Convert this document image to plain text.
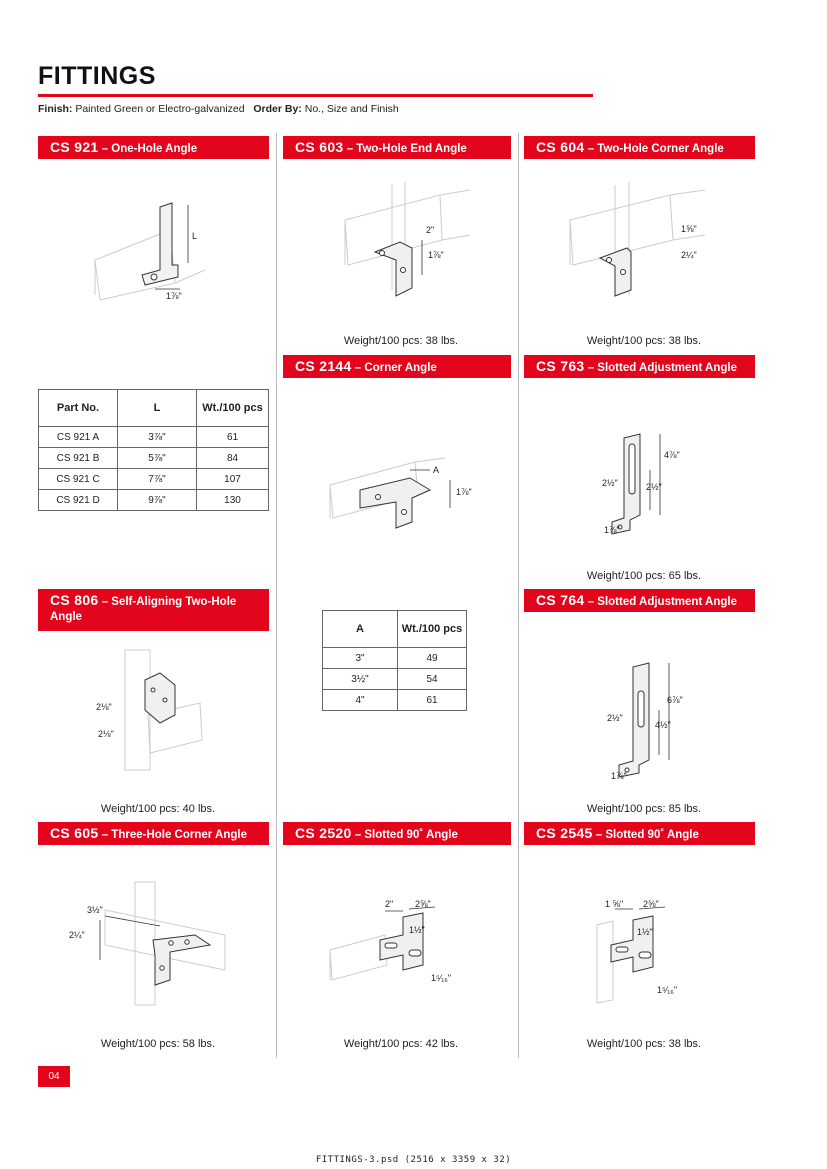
FITTINGS
Finish: Painted Green or Electro-galvanized Order By: No., Size and Finish
CS 921 – One-Hole Angle
L
1⅞"
Part No.	L	Wt./100 pcs
CS 921 A	3⅞"	61
CS 921 B	5⅞"	84
CS 921 C	7⅞"	107
CS 921 D	9⅞"	130
CS 603 – Two-Hole End Angle
2"
1⅞"
Weight/100 pcs: 38 lbs.
CS 604 – Two-Hole Corner Angle
1⅝"
2¼"
Weight/100 pcs: 38 lbs.
CS 2144 – Corner Angle
A
1⅞"
A	Wt./100 pcs
3"	49
3½"	54
4"	61
CS 763 – Slotted Adjustment Angle
4⅞"
2½"	2½"
1⅞"
Weight/100 pcs: 65 lbs.
CS 806 – Self-Aligning Two-Hole
Angle
2⅛"
2⅛"
Weight/100 pcs: 40 lbs.
CS 764 – Slotted Adjustment Angle
6⅞"
2½"
4½"
1⅞"
Weight/100 pcs: 85 lbs.
CS 605 – Three-Hole Corner Angle
3½"
2¼"
Weight/100 pcs: 58 lbs.
CS 2520 – Slotted 90˚ Angle
2" 2⅝"
1½"
1⁵⁄₁₆"
Weight/100 pcs: 42 lbs.
CS 2545 – Slotted 90˚ Angle
1 ⅝" 2⅝"
1½"
1⁵⁄₁₆"
Weight/100 pcs: 38 lbs.
04
FITTINGS-3.psd (2516 x 3359 x 32)
